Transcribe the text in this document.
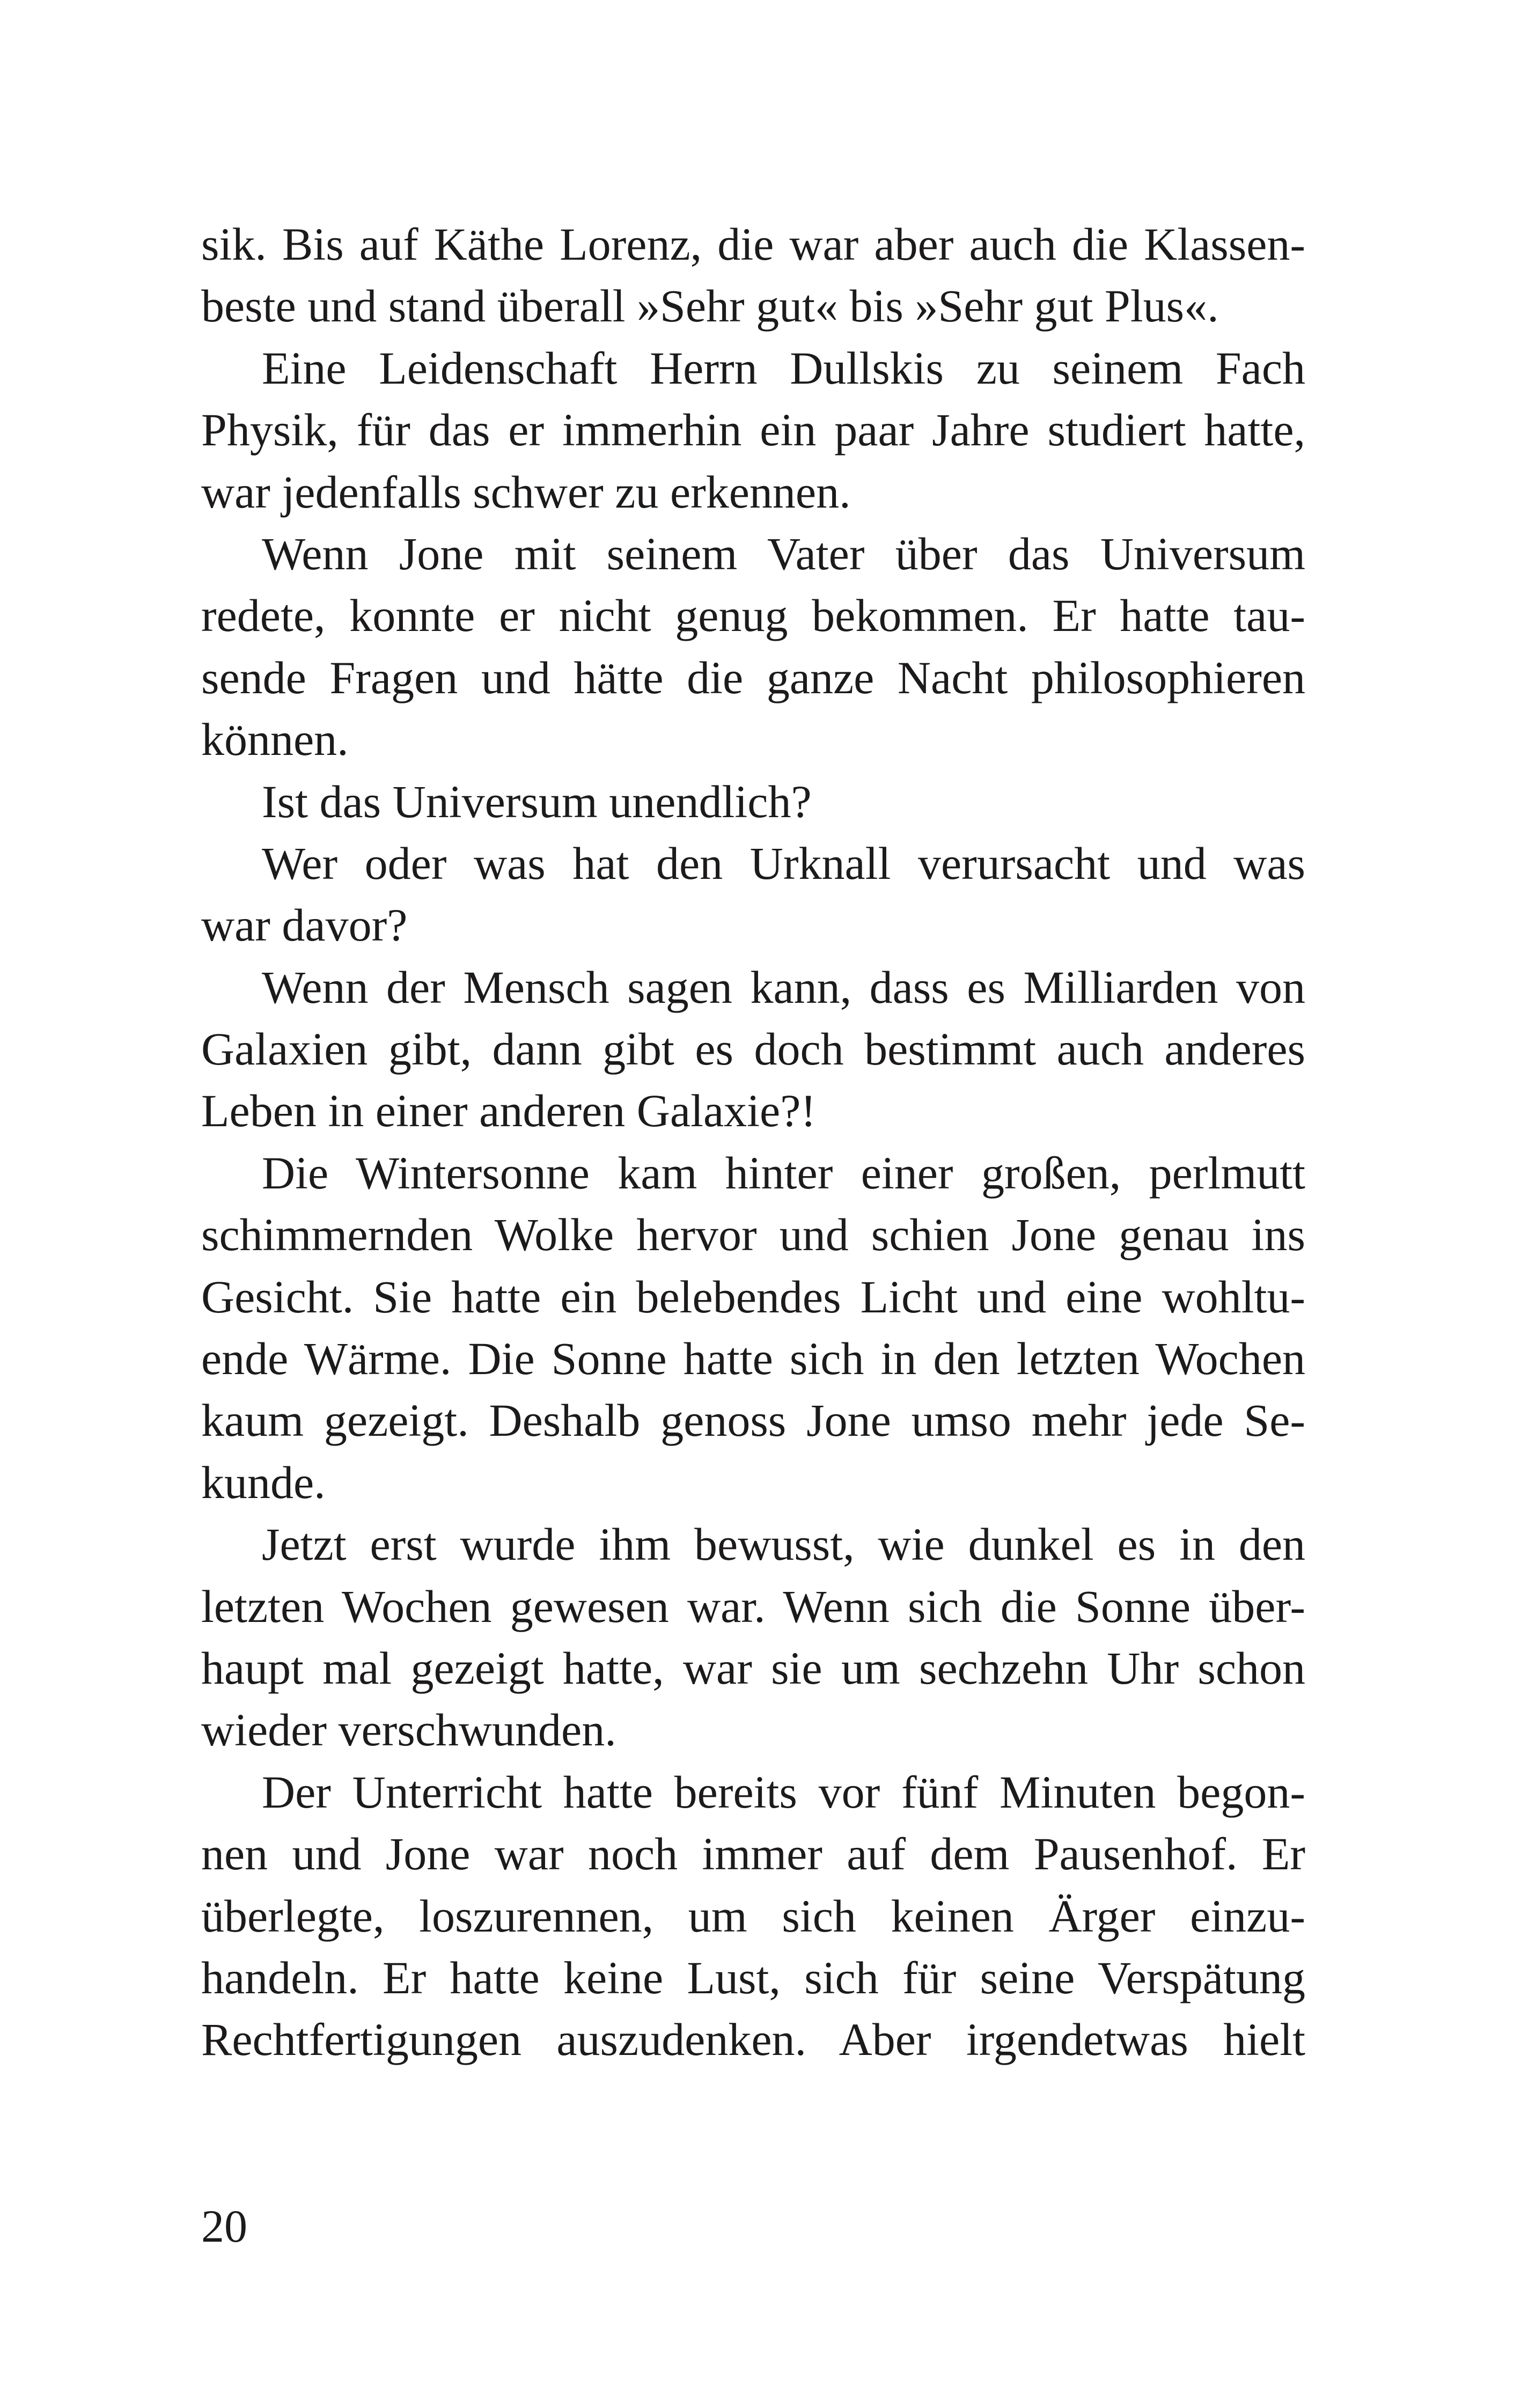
sik. Bis auf Käthe Lorenz, die war aber auch die Klassen-
beste und stand überall »Sehr gut« bis »Sehr gut Plus«.
Eine Leidenschaft Herrn Dullskis zu seinem Fach
Physik, für das er immerhin ein paar Jahre studiert hatte,
war jedenfalls schwer zu erkennen.
Wenn Jone mit seinem Vater über das Universum
redete, konnte er nicht genug bekommen. Er hatte tau-
sende Fragen und hätte die ganze Nacht philosophieren
können.
Ist das Universum unendlich?
Wer oder was hat den Urknall verursacht und was
war davor?
Wenn der Mensch sagen kann, dass es Milliarden von
Galaxien gibt, dann gibt es doch bestimmt auch anderes
Leben in einer anderen Galaxie?!
Die Wintersonne kam hinter einer großen, perlmutt
schimmernden Wolke hervor und schien Jone genau ins
Gesicht. Sie hatte ein belebendes Licht und eine wohltu-
ende Wärme. Die Sonne hatte sich in den letzten Wochen
kaum gezeigt. Deshalb genoss Jone umso mehr jede Se-
kunde.
Jetzt erst wurde ihm bewusst, wie dunkel es in den
letzten Wochen gewesen war. Wenn sich die Sonne über-
haupt mal gezeigt hatte, war sie um sechzehn Uhr schon
wieder verschwunden.
Der Unterricht hatte bereits vor fünf Minuten begon-
nen und Jone war noch immer auf dem Pausenhof. Er
überlegte, loszurennen, um sich keinen Ärger einzu-
handeln. Er hatte keine Lust, sich für seine Verspätung
Rechtfertigungen auszudenken. Aber irgendetwas hielt
20
